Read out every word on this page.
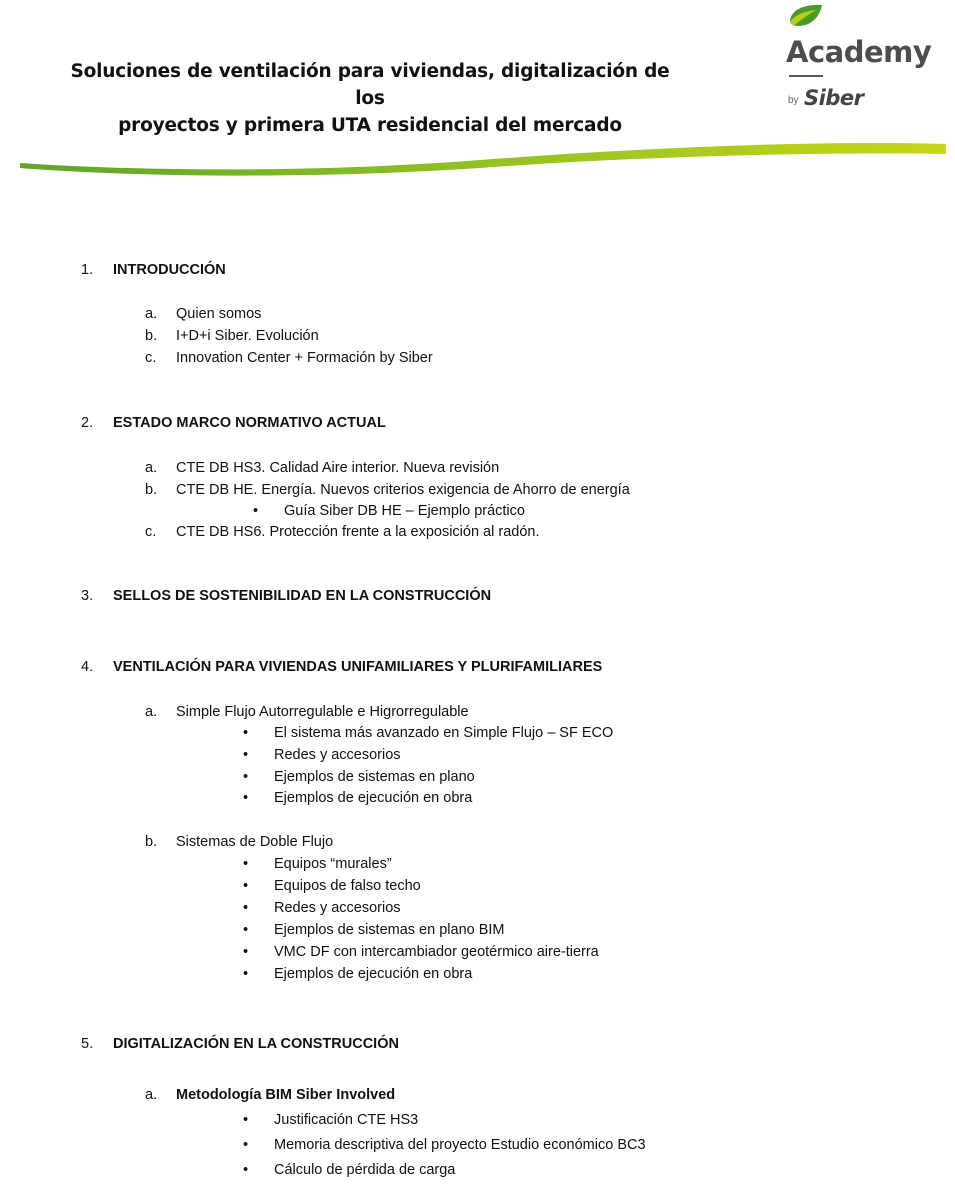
Soluciones de ventilación para viviendas, digitalización de los
proyectos y primera UTA residencial del mercado
Academy
by Siber
1. INTRODUCCIÓN
a.	Quien somos
b.	I+D+i Siber. Evolución
c.	Innovation Center + Formación by Siber
2. ESTADO MARCO NORMATIVO ACTUAL
a.	CTE DB HS3. Calidad Aire interior. Nueva revisión
b.	CTE DB HE. Energía. Nuevos criterios exigencia de Ahorro de energía
• Guía Siber DB HE – Ejemplo práctico
c.	CTE DB HS6. Protección frente a la exposición al radón.
3. SELLOS DE SOSTENIBILIDAD EN LA CONSTRUCCIÓN
4. VENTILACIÓN PARA VIVIENDAS UNIFAMILIARES Y PLURIFAMILIARES
a.	Simple Flujo Autorregulable e Higrorregulable
• El sistema más avanzado en Simple Flujo – SF ECO
• Redes y accesorios
• Ejemplos de sistemas en plano
• Ejemplos de ejecución en obra
b.	Sistemas de Doble Flujo
• Equipos “murales”
• Equipos de falso techo
• Redes y accesorios
• Ejemplos de sistemas en plano BIM
• VMC DF con intercambiador geotérmico aire-tierra
• Ejemplos de ejecución en obra
5. DIGITALIZACIÓN EN LA CONSTRUCCIÓN
a.	Metodología BIM Siber Involved
• Justificación CTE HS3
• Memoria descriptiva del proyecto Estudio económico BC3
• Cálculo de pérdida de carga
